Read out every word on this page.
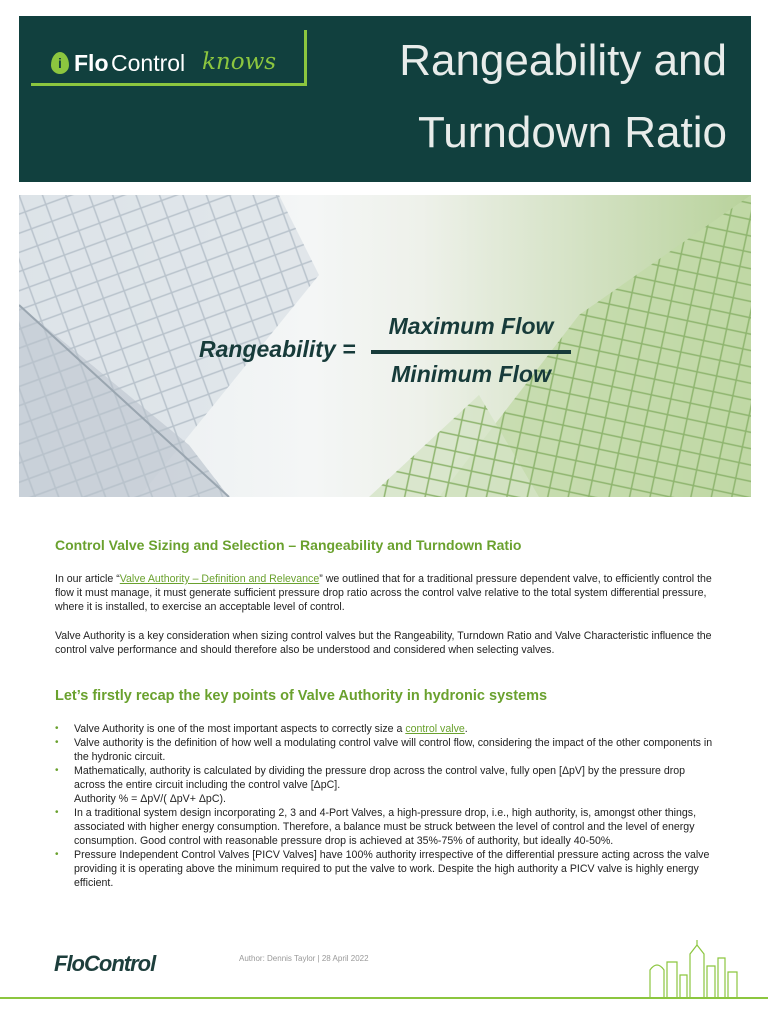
i Flo Control knows	Rangeability and
Turndown Ratio
Rangeability =
Maximum Flow
Minimum Flow
Control Valve Sizing and Selection – Rangeability and Turndown Ratio

In our article “Valve Authority – Definition and Relevance” we outlined that for a traditional pressure dependent valve, to efficiently control the flow it must manage, it must generate sufficient pressure drop ratio across the control valve relative to the total system differential pressure, where it is installed, to exercise an acceptable level of control.

Valve Authority is a key consideration when sizing control valves but the Rangeability, Turndown Ratio and Valve Characteristic influence the control valve performance and should therefore also be understood and considered when selecting valves.

Let’s firstly recap the key points of Valve Authority in hydronic systems
• Valve Authority is one of the most important aspects to correctly size a control valve.
• Valve authority is the definition of how well a modulating control valve will control flow, considering the impact of the other components in the hydronic circuit.
• Mathematically, authority is calculated by dividing the pressure drop across the control valve, fully open [ΔpV] by the pressure drop across the entire circuit including the control valve [ΔpC].
Authority % = ΔpV/( ΔpV+ ΔpC).
• In a traditional system design incorporating 2, 3 and 4-Port Valves, a high-pressure drop, i.e., high authority, is, amongst other things, associated with higher energy consumption. Therefore, a balance must be struck between the level of control and the level of energy consumption. Good control with reasonable pressure drop is achieved at 35%-75% of authority, but ideally 40-50%.
• Pressure Independent Control Valves [PICV Valves] have 100% authority irrespective of the differential pressure acting across the valve providing it is operating above the minimum required to put the valve to work. Despite the high authority a PICV valve is highly energy efficient.
FloControl	Author: Dennis Taylor | 28 April 2022
